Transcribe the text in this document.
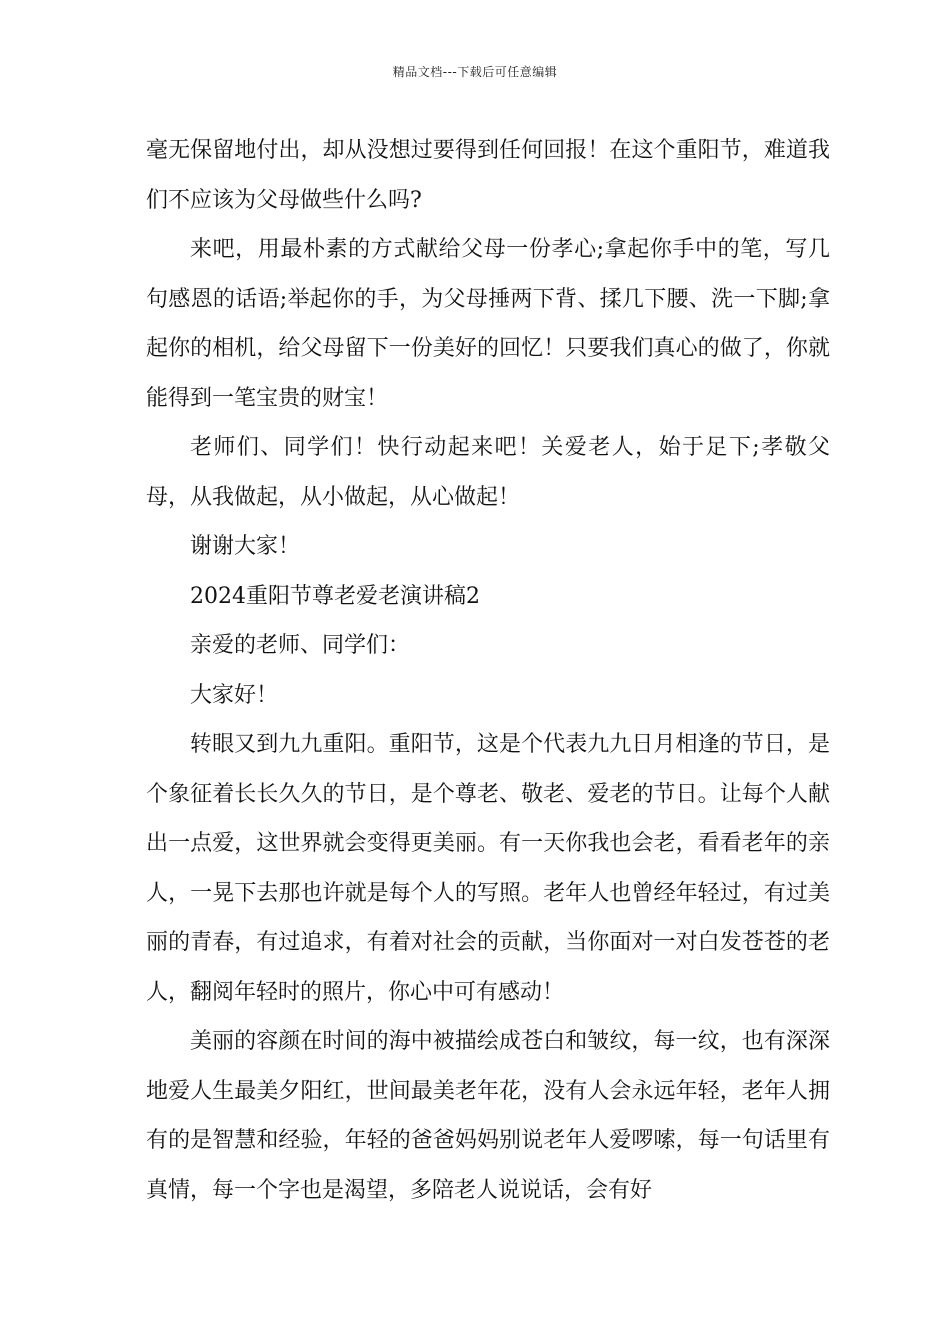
精品文档---下载后可任意编辑

毫无保留地付出，却从没想过要得到任何回报！在这个重阳节，难道我们不应该为父母做些什么吗?

来吧，用最朴素的方式献给父母一份孝心;拿起你手中的笔，写几句感恩的话语;举起你的手，为父母捶两下背、揉几下腰、洗一下脚;拿起你的相机，给父母留下一份美好的回忆！只要我们真心的做了，你就能得到一笔宝贵的财宝！

老师们、同学们！快行动起来吧！关爱老人，始于足下;孝敬父母，从我做起，从小做起，从心做起！

谢谢大家！

2024重阳节尊老爱老演讲稿2

亲爱的老师、同学们：

大家好！

转眼又到九九重阳。重阳节，这是个代表九九日月相逢的节日，是个象征着长长久久的节日，是个尊老、敬老、爱老的节日。让每个人献出一点爱，这世界就会变得更美丽。有一天你我也会老，看看老年的亲人，一晃下去那也许就是每个人的写照。老年人也曾经年轻过，有过美丽的青春，有过追求，有着对社会的贡献，当你面对一对白发苍苍的老人，翻阅年轻时的照片，你心中可有感动！

美丽的容颜在时间的海中被描绘成苍白和皱纹，每一纹，也有深深地爱人生最美夕阳红，世间最美老年花，没有人会永远年轻，老年人拥有的是智慧和经验，年轻的爸爸妈妈别说老年人爱啰嗦，每一句话里有真情，每一个字也是渴望，多陪老人说说话，会有好
